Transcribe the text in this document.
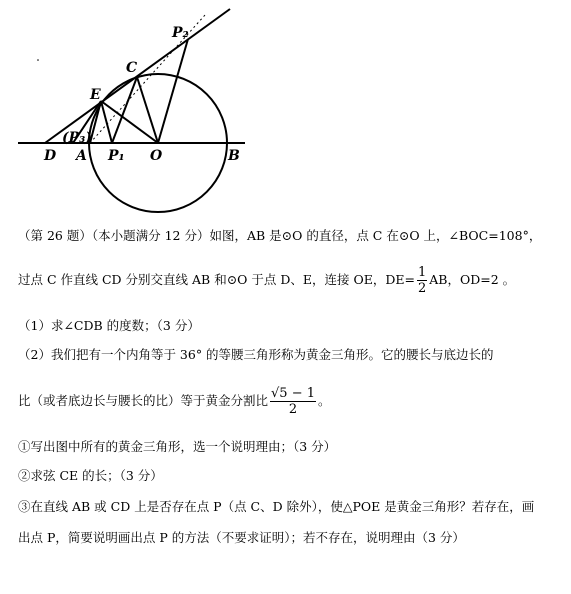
P₂
C
E
(P₃)
D A P₁ O	B
（第 26 题）（本小题满分 12 分）如图，AB 是⊙O 的直径，点 C 在⊙O 上，∠BOC=108°，
过点 C 作直线 CD 分别交直线 AB 和⊙O 于点 D、E，连接 OE，$DE= \frac{1}{2}$ AB，OD=2 。
（1）求∠CDB 的度数；（3 分）
（2）我们把有一个内角等于 36° 的等腰三角形称为黄金三角形。它的腰长与底边长的
比（或者底边长与腰长的比）等于黄金分割比 $\frac{√5 - 1}{2}$ 。
①写出图中所有的黄金三角形，选一个说明理由；（3 分）
②求弦 CE 的长；（3 分）
③在直线 AB 或 CD 上是否存在点 P（点 C、D 除外），使△POE 是黄金三角形？若存在，画
出点 P，简要说明画出点 P 的方法（不要求证明）；若不存在，说明理由（3 分）
